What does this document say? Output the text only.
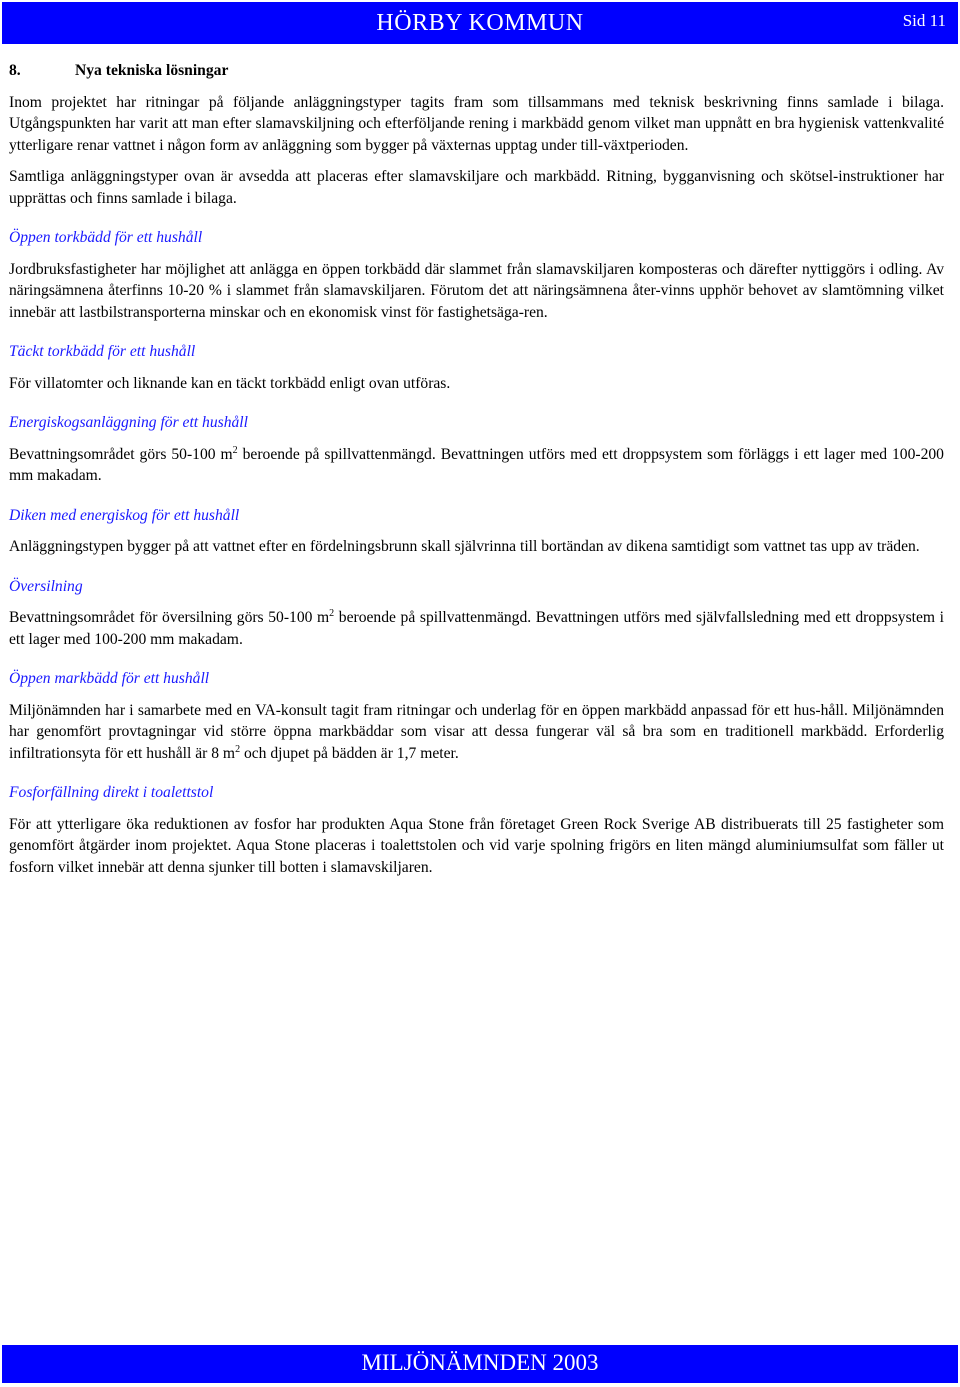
HÖRBY KOMMUN	Sid 11
8.	Nya tekniska lösningar

Inom projektet har ritningar på följande anläggningstyper tagits fram som tillsammans med teknisk beskrivning finns samlade i bilaga. Utgångspunkten har varit att man efter slamavskiljning och efterföljande rening i markbädd genom vilket man uppnått en bra hygienisk vattenkvalité ytterligare renar vattnet i någon form av anläggning som bygger på växternas upptag under till-växtperioden.

Samtliga anläggningstyper ovan är avsedda att placeras efter slamavskiljare och markbädd. Ritning, bygganvisning och skötsel-instruktioner har upprättas och finns samlade i bilaga.

Öppen torkbädd för ett hushåll

Jordbruksfastigheter har möjlighet att anlägga en öppen torkbädd där slammet från slamavskiljaren komposteras och därefter nyttiggörs i odling. Av näringsämnena återfinns 10-20 % i slammet från slamavskiljaren. Förutom det att näringsämnena åter-vinns upphör behovet av slamtömning vilket innebär att lastbilstransporterna minskar och en ekonomisk vinst för fastighetsäga-ren.

Täckt torkbädd för ett hushåll

För villatomter och liknande kan en täckt torkbädd enligt ovan utföras.

Energiskogsanläggning för ett hushåll

Bevattningsområdet görs 50-100 $m^2$ beroende på spillvattenmängd. Bevattningen utförs med ett droppsystem som förläggs i ett lager med 100-200 mm makadam.

Diken med energiskog för ett hushåll

Anläggningstypen bygger på att vattnet efter en fördelningsbrunn skall självrinna till bortändan av dikena samtidigt som vattnet tas upp av träden.

Översilning

Bevattningsområdet för översilning görs 50-100 $m^2$ beroende på spillvattenmängd. Bevattningen utförs med självfallsledning med ett droppsystem i ett lager med 100-200 mm makadam.

Öppen markbädd för ett hushåll

Miljönämnden har i samarbete med en VA-konsult tagit fram ritningar och underlag för en öppen markbädd anpassad för ett hus-håll. Miljönämnden har genomfört provtagningar vid större öppna markbäddar som visar att dessa fungerar väl så bra som en traditionell markbädd. Erforderlig infiltrationsyta för ett hushåll är 8 $m^2$ och djupet på bädden är 1,7 meter.

Fosforfällning direkt i toalettstol

För att ytterligare öka reduktionen av fosfor har produkten Aqua Stone från företaget Green Rock Sverige AB distribuerats till 25 fastigheter som genomfört åtgärder inom projektet. Aqua Stone placeras i toalettstolen och vid varje spolning frigörs en liten mängd aluminiumsulfat som fäller ut fosforn vilket innebär att denna sjunker till botten i slamavskiljaren.

MILJÖNÄMNDEN 2003
